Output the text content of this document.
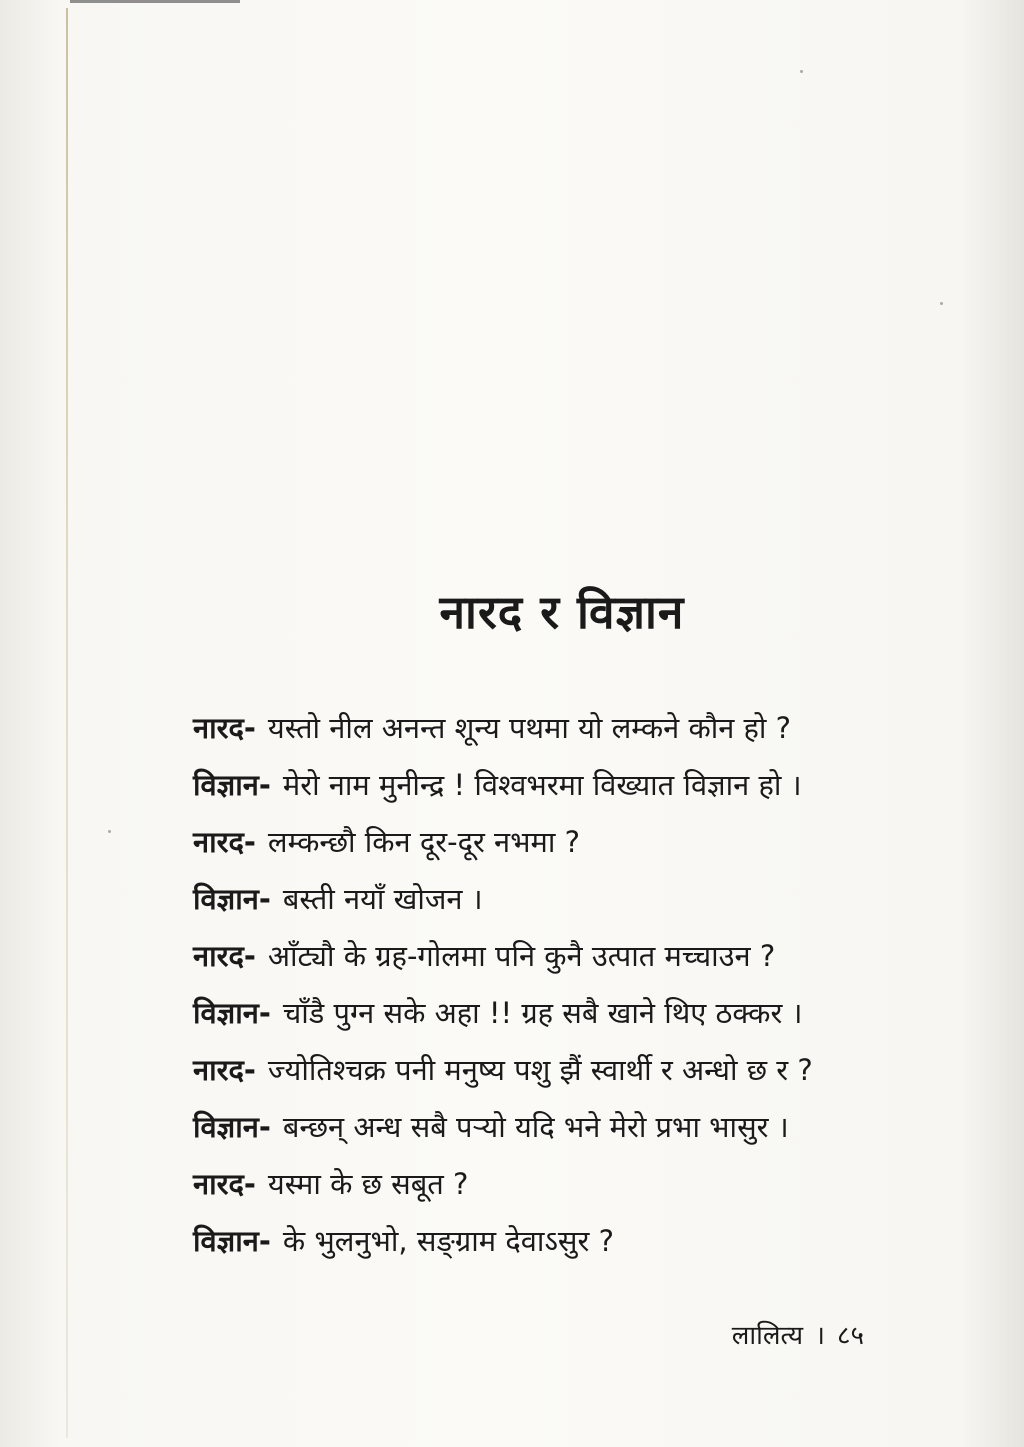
नारद र विज्ञान
नारद- यस्तो नील अनन्त शून्य पथमा यो लम्कने कौन हो ?
विज्ञान- मेरो नाम मुनीन्द्र ! विश्वभरमा विख्यात विज्ञान हो ।
नारद- लम्कन्छौ किन दूर-दूर नभमा ?
विज्ञान- बस्ती नयाँ खोजन ।
नारद- आँट्यौ के ग्रह-गोलमा पनि कुनै उत्पात मच्चाउन ?
विज्ञान- चाँडै पुग्न सके अहा !! ग्रह सबै खाने थिए ठक्कर ।
नारद- ज्योतिश्चक्र पनी मनुष्य पशु झैं स्वार्थी र अन्धो छ र ?
विज्ञान- बन्छन् अन्ध सबै पऱ्यो यदि भने मेरो प्रभा भासुर ।
नारद- यस्मा के छ सबूत ?
विज्ञान- के भुलनुभो, सङ्ग्राम देवाऽसुर ?
लालित्य । ८५
